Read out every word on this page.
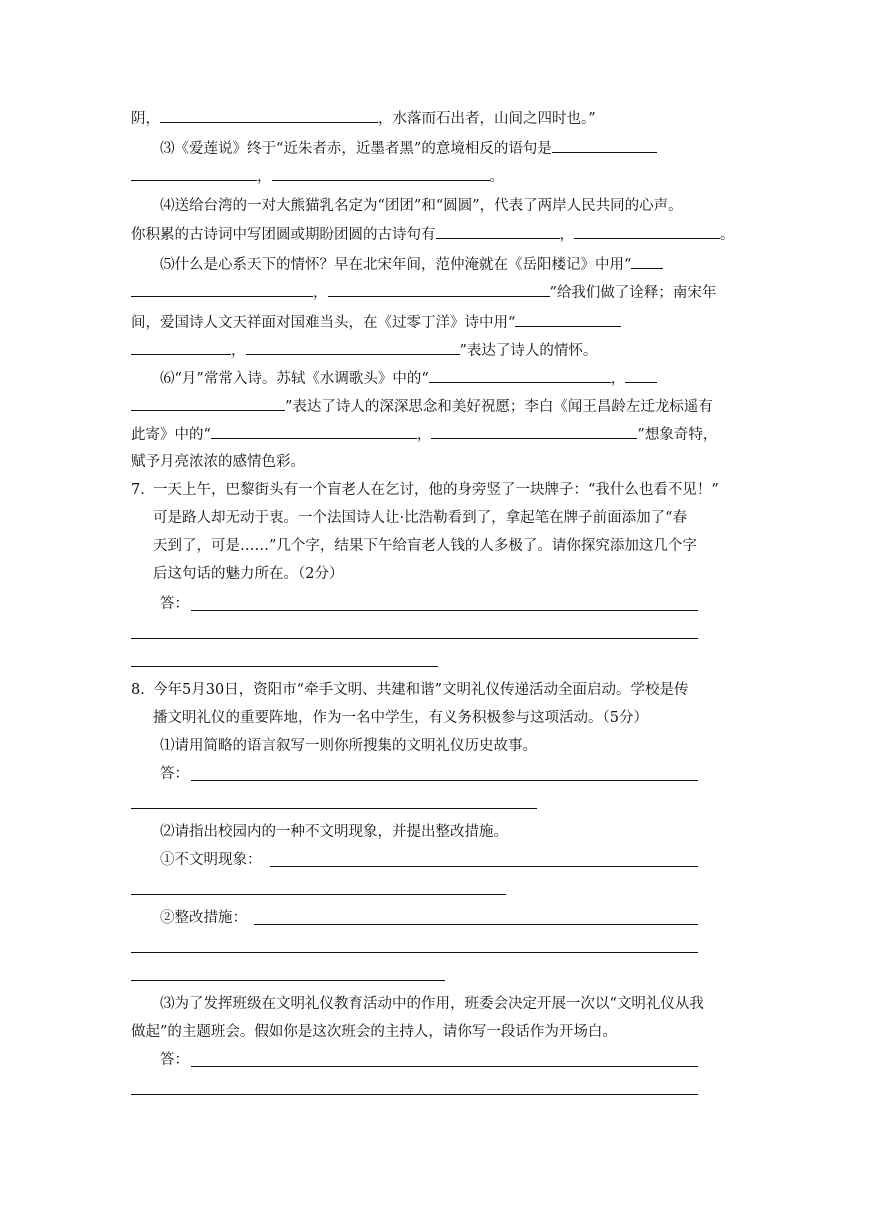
阴，	，水落而石出者，山间之四时也。”
⑶《爱莲说》终于“近朱者赤，近墨者黑”的意境相反的语句是
，	。
⑷送给台湾的一对大熊猫乳名定为“团团”和“圆圆”，代表了两岸人民共同的心声。
你积累的古诗词中写团圆或期盼团圆的古诗句有	，	。
⑸什么是心系天下的情怀？早在北宋年间，范仲淹就在《岳阳楼记》中用“
，	”给我们做了诠释；南宋年
间，爱国诗人文天祥面对国难当头，在《过零丁洋》诗中用“
，	”表达了诗人的情怀。
⑹“月”常常入诗。苏轼《水调歌头》中的“	，
”表达了诗人的深深思念和美好祝愿；李白《闻王昌龄左迁龙标遥有
此寄》中的“	，	”想象奇特，
赋予月亮浓浓的感情色彩。
7．一天上午，巴黎街头有一个盲老人在乞讨，他的身旁竖了一块牌子：“我什么也看不见！”
可是路人却无动于衷。一个法国诗人让·比浩勒看到了，拿起笔在牌子前面添加了“春
天到了，可是……”几个字，结果下午给盲老人钱的人多极了。请你探究添加这几个字
后这句话的魅力所在。（2分）
答：
8．今年5月30日，资阳市“牵手文明、共建和谐”文明礼仪传递活动全面启动。学校是传
播文明礼仪的重要阵地，作为一名中学生，有义务积极参与这项活动。（5分）
⑴请用简略的语言叙写一则你所搜集的文明礼仪历史故事。
答：
⑵请指出校园内的一种不文明现象，并提出整改措施。
①不文明现象：
②整改措施：
⑶为了发挥班级在文明礼仪教育活动中的作用，班委会决定开展一次以“文明礼仪从我
做起”的主题班会。假如你是这次班会的主持人，请你写一段话作为开场白。
答：
